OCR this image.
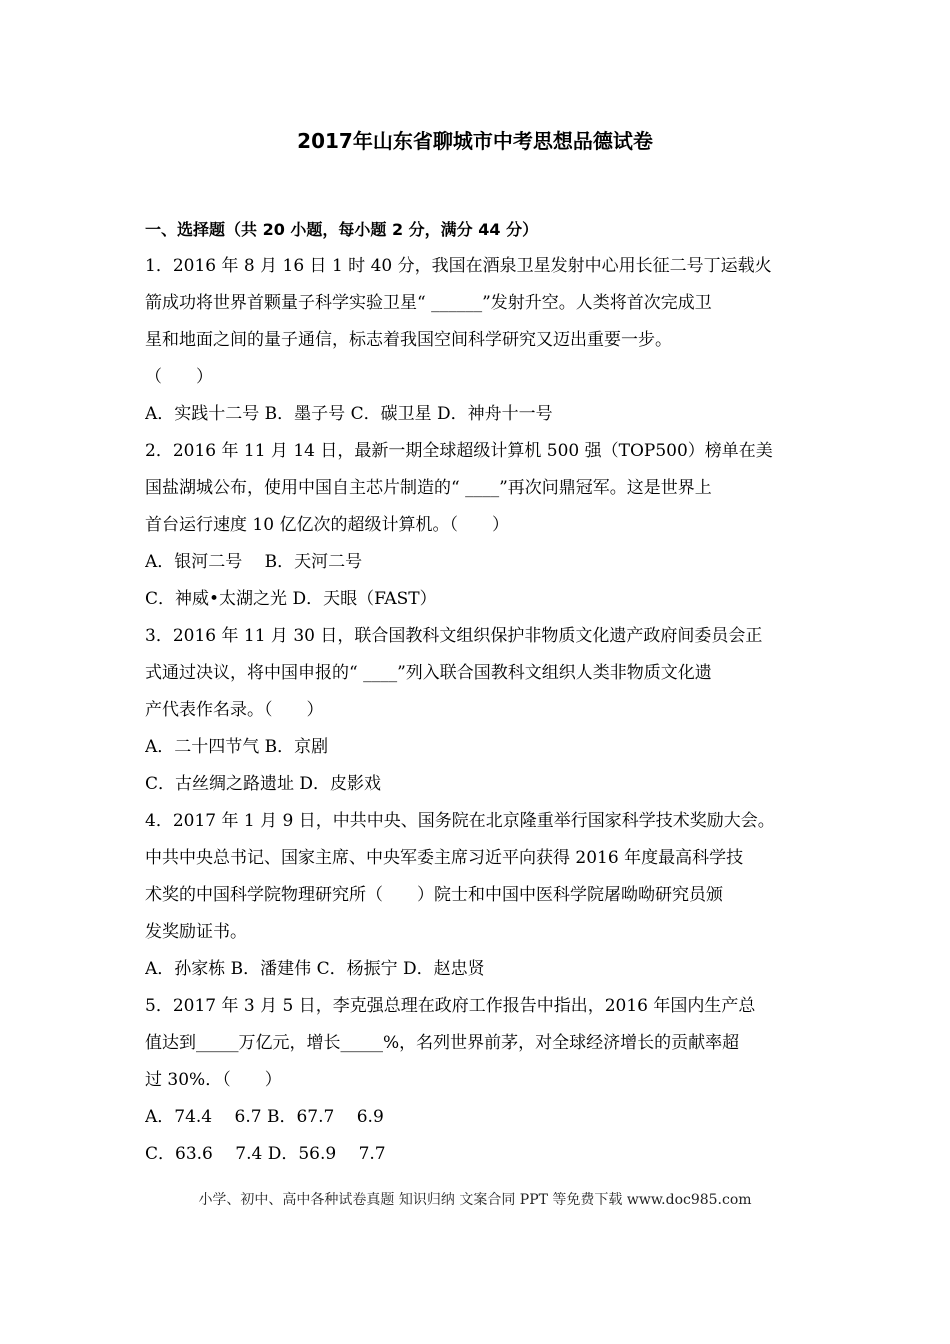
2017年山东省聊城市中考思想品德试卷
一、选择题（共 20 小题，每小题 2 分，满分 44 分）
1．2016 年 8 月 16 日 1 时 40 分，我国在酒泉卫星发射中心用长征二号丁运载火
箭成功将世界首颗量子科学实验卫星“ ______”发射升空。人类将首次完成卫
星和地面之间的量子通信，标志着我国空间科学研究又迈出重要一步。
（　　）
A．实践十二号 B．墨子号 C．碳卫星 D．神舟十一号
2．2016 年 11 月 14 日，最新一期全球超级计算机 500 强（TOP500）榜单在美
国盐湖城公布，使用中国自主芯片制造的“ ____”再次问鼎冠军。这是世界上
首台运行速度 10 亿亿次的超级计算机。（　　）
A．银河二号　 B．天河二号
C．神威•太湖之光 D．天眼（FAST）
3．2016 年 11 月 30 日，联合国教科文组织保护非物质文化遗产政府间委员会正
式通过决议，将中国申报的“ ____”列入联合国教科文组织人类非物质文化遗
产代表作名录。（　　）
A．二十四节气 B．京剧
C．古丝绸之路遗址 D．皮影戏
4．2017 年 1 月 9 日，中共中央、国务院在北京隆重举行国家科学技术奖励大会。
中共中央总书记、国家主席、中央军委主席习近平向获得 2016 年度最高科学技
术奖的中国科学院物理研究所（　　）院士和中国中医科学院屠呦呦研究员颁
发奖励证书。
A．孙家栋 B．潘建伟 C．杨振宁 D．赵忠贤
5．2017 年 3 月 5 日，李克强总理在政府工作报告中指出，2016 年国内生产总
值达到_____万亿元，增长_____%，名列世界前茅，对全球经济增长的贡献率超
过 30%．（　　）
A．74.4　 6.7 B．67.7　 6.9
C．63.6　 7.4 D．56.9　 7.7
小学、初中、高中各种试卷真题 知识归纳 文案合同 PPT 等免费下载 www.doc985.com
